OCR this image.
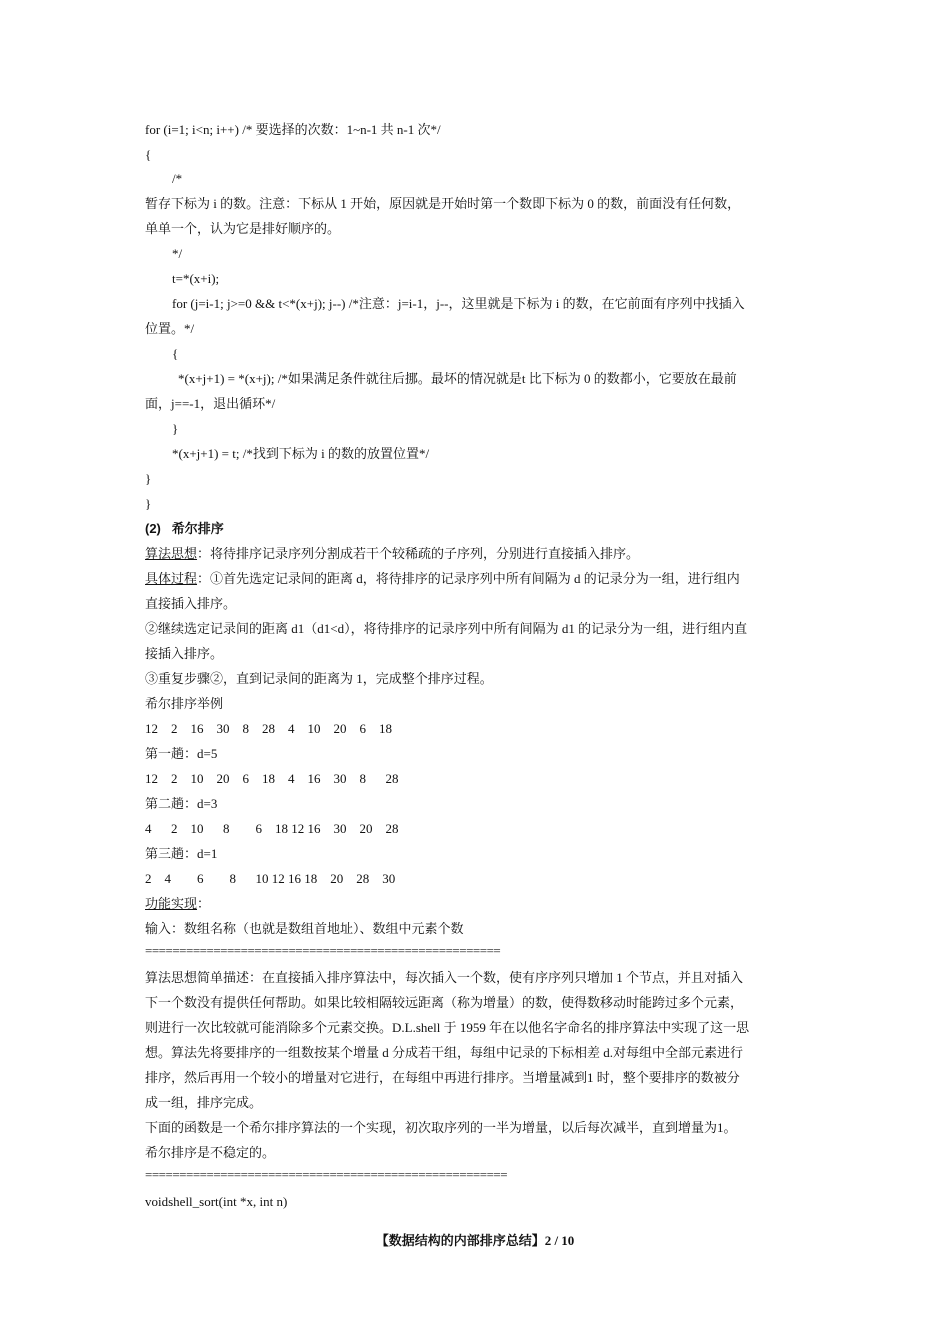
for (i=1; i<n; i++) /* 要选择的次数：1~n-1 共 n-1 次*/
{
/*
暂存下标为 i 的数。注意：下标从 1 开始，原因就是开始时第一个数即下标为 0 的数，前面没有任何数，
单单一个，认为它是排好顺序的。
*/
t=*(x+i);
for (j=i-1; j>=0 && t<*(x+j); j--) /*注意：j=i-1，j--，这里就是下标为 i 的数，在它前面有序列中找插入
位置。*/
{
*(x+j+1) = *(x+j); /*如果满足条件就往后挪。最坏的情况就是t 比下标为 0 的数都小，它要放在最前
面，j==-1，退出循环*/
}
*(x+j+1) = t; /*找到下标为 i 的数的放置位置*/
}
}
(2)   希尔排序
算法思想：将待排序记录序列分割成若干个较稀疏的子序列，分别进行直接插入排序。
具体过程：①首先选定记录间的距离 d，将待排序的记录序列中所有间隔为 d 的记录分为一组，进行组内
直接插入排序。
②继续选定记录间的距离 d1（d1<d），将待排序的记录序列中所有间隔为 d1 的记录分为一组，进行组内直
接插入排序。
③重复步骤②，直到记录间的距离为 1，完成整个排序过程。
希尔排序举例
12    2    16    30    8    28    4    10    20    6    18
第一趟：d=5
12    2    10    20    6    18    4    16    30    8      28
第二趟：d=3
4      2    10      8        6    18 12 16    30    20    28
第三趟：d=1
2    4        6        8      10 12 16 18    20    28    30
功能实现：
输入：数组名称（也就是数组首地址）、数组中元素个数
====================================================
算法思想简单描述：在直接插入排序算法中，每次插入一个数，使有序序列只增加 1 个节点，并且对插入
下一个数没有提供任何帮助。如果比较相隔较远距离（称为增量）的数，使得数移动时能跨过多个元素，
则进行一次比较就可能消除多个元素交换。D.L.shell 于 1959 年在以他名字命名的排序算法中实现了这一思
想。算法先将要排序的一组数按某个增量 d 分成若干组，每组中记录的下标相差 d.对每组中全部元素进行
排序，然后再用一个较小的增量对它进行，在每组中再进行排序。当增量减到1 时，整个要排序的数被分
成一组，排序完成。
下面的函数是一个希尔排序算法的一个实现，初次取序列的一半为增量，以后每次减半，直到增量为1。
希尔排序是不稳定的。
=====================================================
voidshell_sort(int *x, int n)
【数据结构的内部排序总结】2 / 10
